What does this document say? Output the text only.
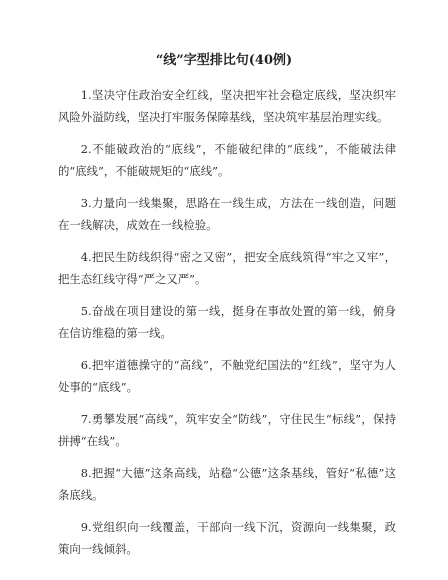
“线”字型排比句(40例)

1.坚决守住政治安全红线，坚决把牢社会稳定底线，坚决织牢风险外溢防线，坚决打牢服务保障基线，坚决筑牢基层治理实线。

2.不能破政治的“底线”，不能破纪律的“底线”，不能破法律的“底线”，不能破规矩的“底线”。

3.力量向一线集聚，思路在一线生成，方法在一线创造，问题在一线解决，成效在一线检验。

4.把民生防线织得“密之又密”，把安全底线筑得“牢之又牢”，把生态红线守得“严之又严”。

5.奋战在项目建设的第一线，挺身在事故处置的第一线，俯身在信访维稳的第一线。

6.把牢道德操守的“高线”，不触党纪国法的“红线”，坚守为人处事的“底线”。

7.勇攀发展“高线”，筑牢安全“防线”，守住民生“标线”，保持拼搏“在线”。

8.把握“大德”这条高线，站稳“公德”这条基线，管好“私德”这条底线。

9.党组织向一线覆盖，干部向一线下沉，资源向一线集聚，政策向一线倾斜。
